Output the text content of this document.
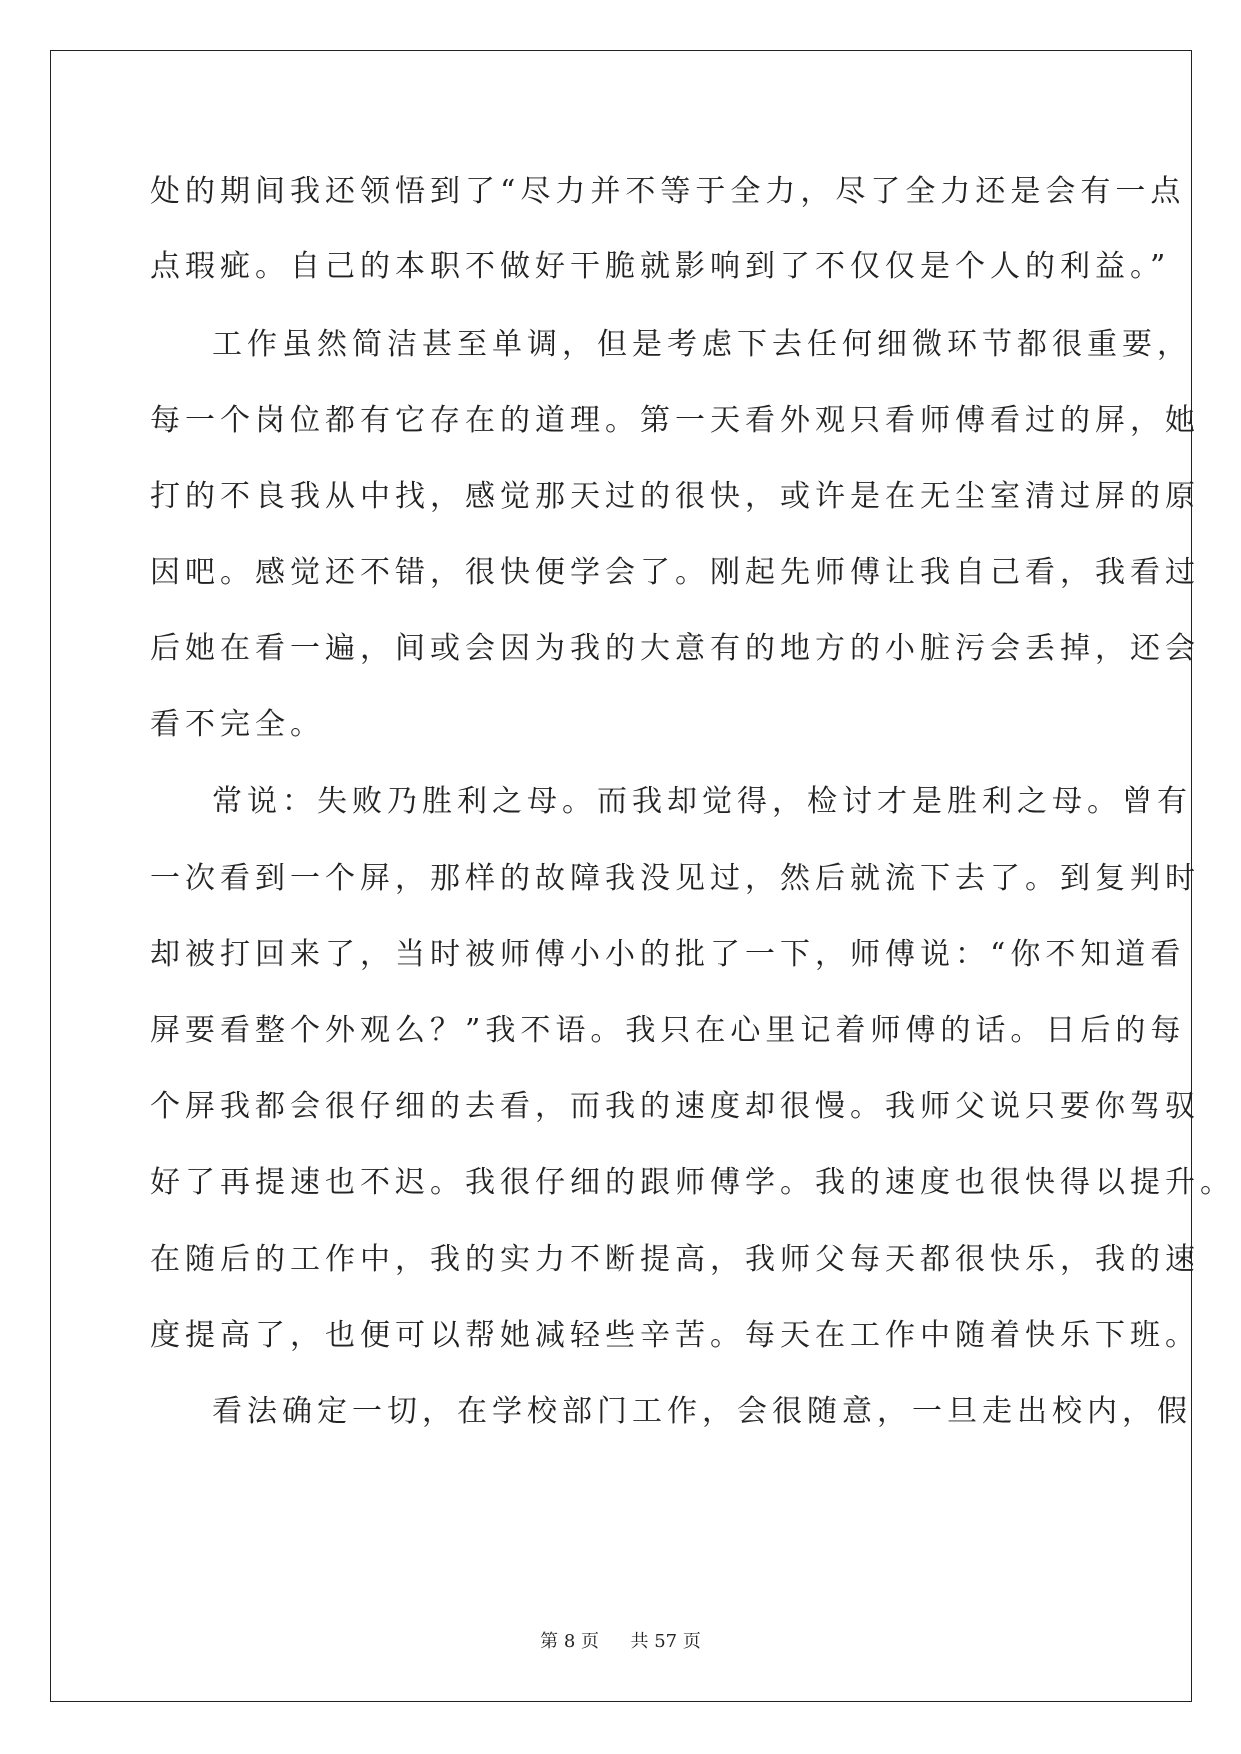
处的期间我还领悟到了“尽力并不等于全力，尽了全力还是会有一点
点瑕疵。自己的本职不做好干脆就影响到了不仅仅是个人的利益。”
工作虽然简洁甚至单调，但是考虑下去任何细微环节都很重要，
每一个岗位都有它存在的道理。第一天看外观只看师傅看过的屏，她
打的不良我从中找，感觉那天过的很快，或许是在无尘室清过屏的原
因吧。感觉还不错，很快便学会了。刚起先师傅让我自己看，我看过
后她在看一遍，间或会因为我的大意有的地方的小脏污会丢掉，还会
看不完全。
常说：失败乃胜利之母。而我却觉得，检讨才是胜利之母。曾有
一次看到一个屏，那样的故障我没见过，然后就流下去了。到复判时
却被打回来了，当时被师傅小小的批了一下，师傅说：“你不知道看
屏要看整个外观么？”我不语。我只在心里记着师傅的话。日后的每
个屏我都会很仔细的去看，而我的速度却很慢。我师父说只要你驾驭
好了再提速也不迟。我很仔细的跟师傅学。我的速度也很快得以提升。
在随后的工作中，我的实力不断提高，我师父每天都很快乐，我的速
度提高了，也便可以帮她减轻些辛苦。每天在工作中随着快乐下班。
看法确定一切，在学校部门工作，会很随意，一旦走出校内，假
第 8 页 共 57 页
